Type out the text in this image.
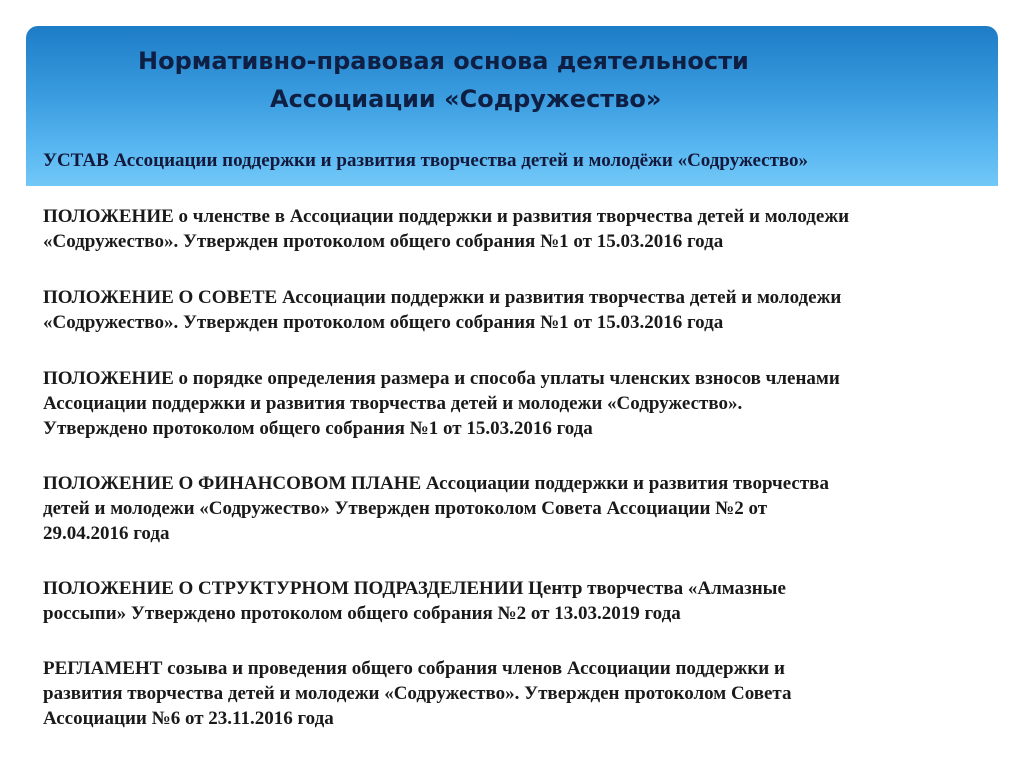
Нормативно-правовая основа деятельности
Ассоциации «Содружество»

УСТАВ Ассоциации поддержки и развития творчества детей и молодёжи «Содружество»

ПОЛОЖЕНИЕ о членстве в Ассоциации поддержки и развития творчества детей и молодежи
«Содружество». Утвержден протоколом общего собрания №1 от 15.03.2016 года

ПОЛОЖЕНИЕ О СОВЕТЕ Ассоциации поддержки и развития творчества детей и молодежи
«Содружество». Утвержден протоколом общего собрания №1 от 15.03.2016 года

ПОЛОЖЕНИЕ о порядке определения размера и способа уплаты членских взносов членами
Ассоциации поддержки и развития творчества детей и молодежи «Содружество».
Утверждено протоколом общего собрания №1 от 15.03.2016 года

ПОЛОЖЕНИЕ О ФИНАНСОВОМ ПЛАНЕ Ассоциации поддержки и развития творчества
детей и молодежи «Содружество» Утвержден протоколом Совета Ассоциации №2 от
29.04.2016 года

ПОЛОЖЕНИЕ О СТРУКТУРНОМ ПОДРАЗДЕЛЕНИИ Центр творчества «Алмазные
россыпи» Утверждено протоколом общего собрания №2 от 13.03.2019 года

РЕГЛАМЕНТ созыва и проведения общего собрания членов Ассоциации поддержки и
развития творчества детей и молодежи «Содружество». Утвержден протоколом Совета
Ассоциации №6 от 23.11.2016 года
